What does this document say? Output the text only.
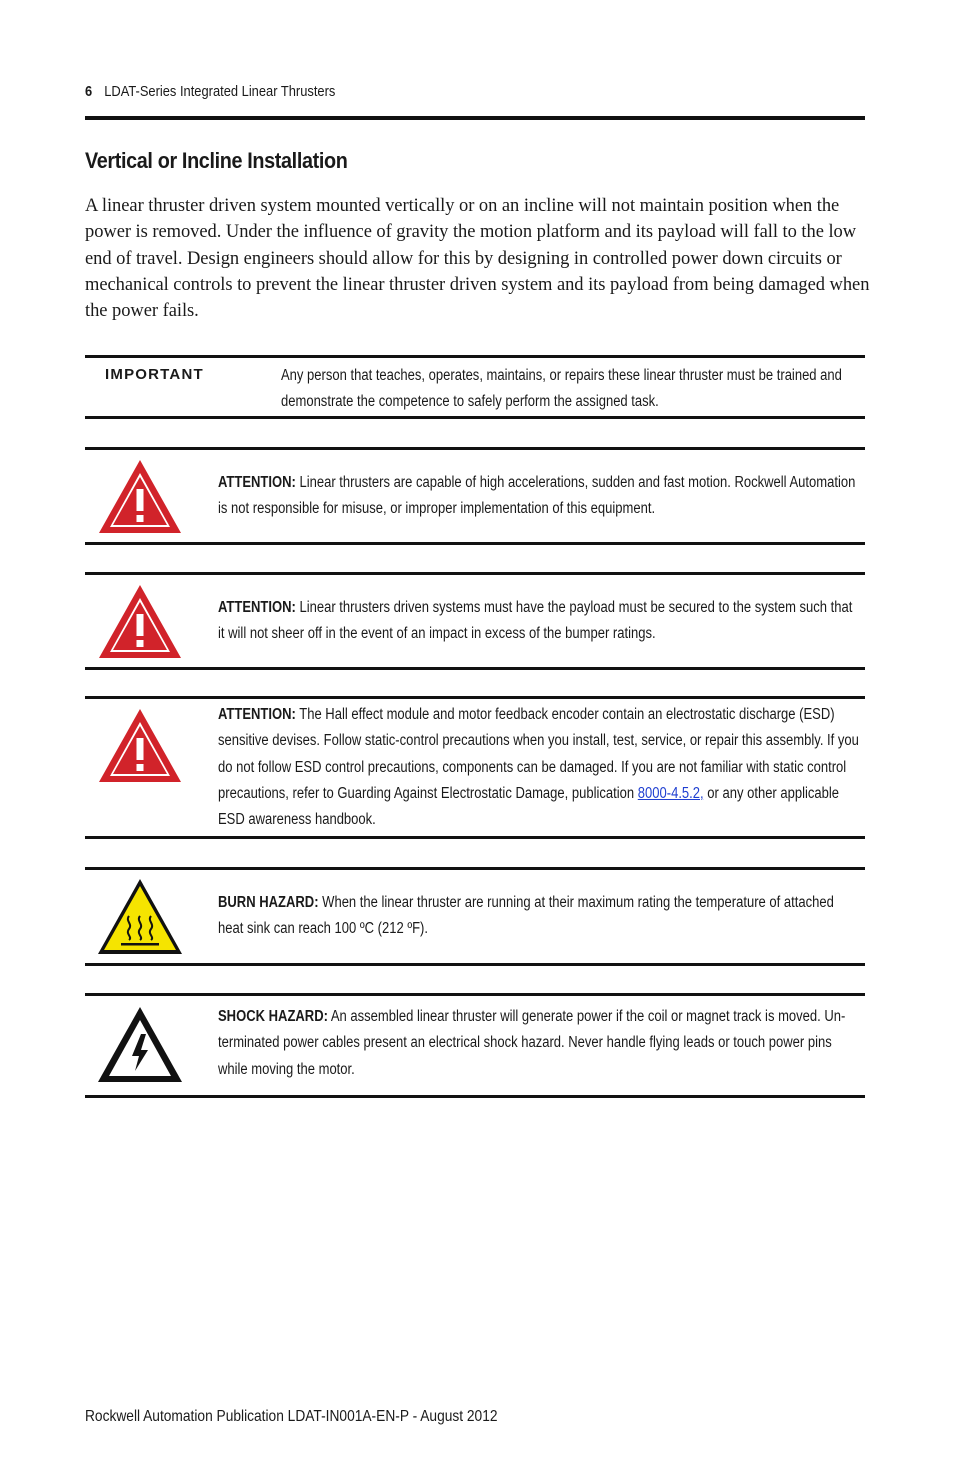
6 LDAT-Series Integrated Linear Thrusters
Vertical or Incline Installation

A linear thruster driven system mounted vertically or on an incline will not maintain position when the power is removed. Under the influence of gravity the motion platform and its payload will fall to the low end of travel. Design engineers should allow for this by designing in controlled power down circuits or mechanical controls to prevent the linear thruster driven system and its payload from being damaged when the power fails.

IMPORTANT	Any person that teaches, operates, maintains, or repairs these linear thruster must be trained and demonstrate the competence to safely perform the assigned task.
ATTENTION: Linear thrusters are capable of high accelerations, sudden and fast motion. Rockwell Automation is not responsible for misuse, or improper implementation of this equipment.
ATTENTION: Linear thrusters driven systems must have the payload must be secured to the system such that it will not sheer off in the event of an impact in excess of the bumper ratings.
ATTENTION: The Hall effect module and motor feedback encoder contain an electrostatic discharge (ESD) sensitive devises. Follow static-control precautions when you install, test, service, or repair this assembly. If you do not follow ESD control precautions, components can be damaged. If you are not familiar with static control precautions, refer to Guarding Against Electrostatic Damage, publication 8000-4.5.2, or any other applicable ESD awareness handbook.
BURN HAZARD: When the linear thruster are running at their maximum rating the temperature of attached heat sink can reach 100 ºC (212 ºF).
SHOCK HAZARD: An assembled linear thruster will generate power if the coil or magnet track is moved. Un-terminated power cables present an electrical shock hazard. Never handle flying leads or touch power pins while moving the motor.
Rockwell Automation Publication LDAT-IN001A-EN-P - August 2012
